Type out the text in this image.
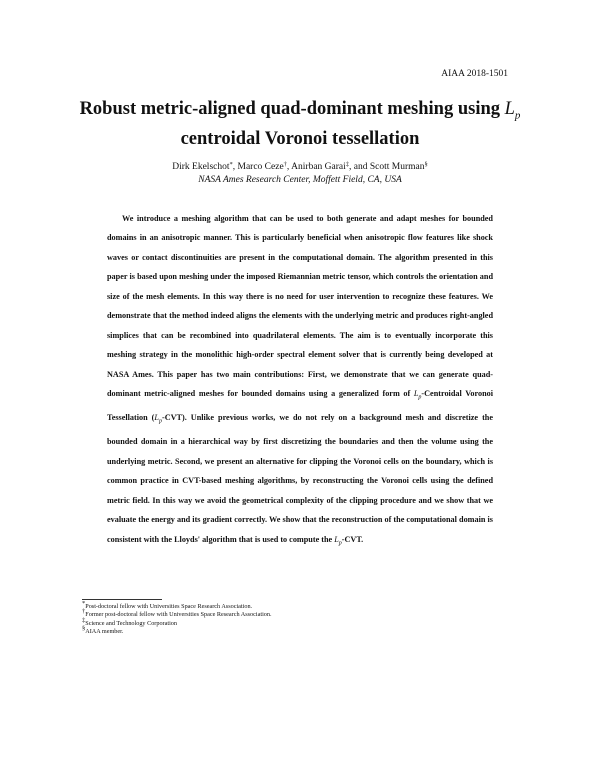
AIAA 2018-1501
Robust metric-aligned quad-dominant meshing using $L_p$
centroidal Voronoi tessellation
Dirk Ekelschot*, Marco Ceze†, Anirban Garai‡, and Scott Murman§
NASA Ames Research Center, Moffett Field, CA, USA

We introduce a meshing algorithm that can be used to both generate and adapt meshes for bounded domains in an anisotropic manner. This is particularly beneficial when anisotropic flow features like shock waves or contact discontinuities are present in the computational domain. The algorithm presented in this paper is based upon meshing under the imposed Riemannian metric tensor, which controls the orientation and size of the mesh elements. In this way there is no need for user intervention to recognize these features. We demonstrate that the method indeed aligns the elements with the underlying metric and produces right-angled simplices that can be recombined into quadrilateral elements. The aim is to eventually incorporate this meshing strategy in the monolithic high-order spectral element solver that is currently being developed at NASA Ames. This paper has two main contributions: First, we demonstrate that we can generate quad-dominant metric-aligned meshes for bounded domains using a generalized form of $L_p$-Centroidal Voronoi Tessellation $(L_p-CVT)$. Unlike previous works, we do not rely on a background mesh and discretize the bounded domain in a hierarchical way by first discretizing the boundaries and then the volume using the underlying metric. Second, we present an alternative for clipping the Voronoi cells on the boundary, which is common practice in CVT-based meshing algorithms, by reconstructing the Voronoi cells using the defined metric field. In this way we avoid the geometrical complexity of the clipping procedure and we show that we evaluate the energy and its gradient correctly. We show that the reconstruction of the computational domain is consistent with the Lloyds' algorithm that is used to compute the $L_p$-CVT.

*Post-doctoral fellow with Universities Space Research Association.
†Former post-doctoral fellow with Universities Space Research Association.
‡Science and Technology Corporation
§AIAA member.
